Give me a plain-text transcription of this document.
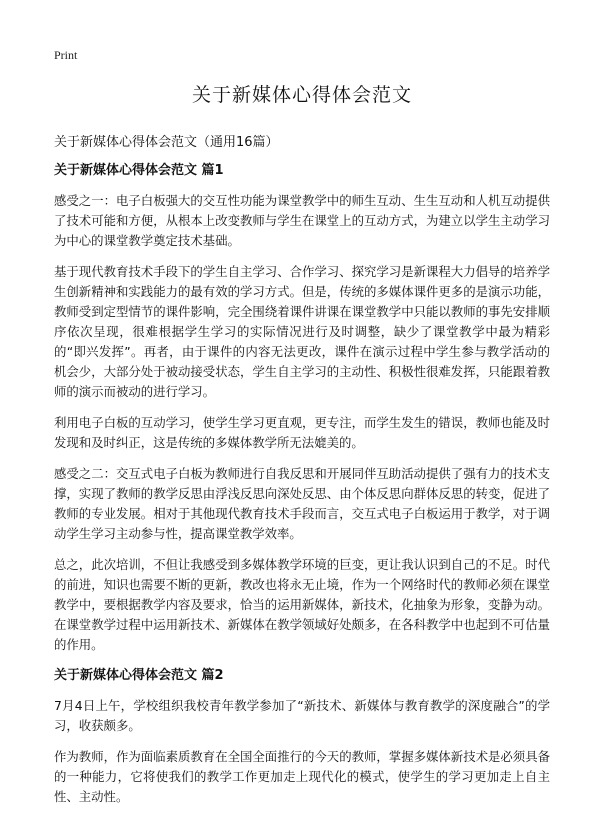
Print
关于新媒体心得体会范文
关于新媒体心得体会范文（通用16篇）
关于新媒体心得体会范文 篇1

感受之一：电子白板强大的交互性功能为课堂教学中的师生互动、生生互动和人机互动提供了技术可能和方便，从根本上改变教师与学生在课堂上的互动方式，为建立以学生主动学习为中心的课堂教学奠定技术基础。

基于现代教育技术手段下的学生自主学习、合作学习、探究学习是新课程大力倡导的培养学生创新精神和实践能力的最有效的学习方式。但是，传统的多媒体课件更多的是演示功能，教师受到定型情节的课件影响，完全围绕着课件讲课在课堂教学中只能以教师的事先安排顺序依次呈现，很难根据学生学习的实际情况进行及时调整，缺少了课堂教学中最为精彩的“即兴发挥”。再者，由于课件的内容无法更改，课件在演示过程中学生参与教学活动的机会少，大部分处于被动接受状态，学生自主学习的主动性、积极性很难发挥，只能跟着教师的演示而被动的进行学习。

利用电子白板的互动学习，使学生学习更直观，更专注，而学生发生的错误，教师也能及时发现和及时纠正，这是传统的多媒体教学所无法媲美的。

感受之二：交互式电子白板为教师进行自我反思和开展同伴互助活动提供了强有力的技术支撑，实现了教师的教学反思由浮浅反思向深处反思、由个体反思向群体反思的转变，促进了教师的专业发展。相对于其他现代教育技术手段而言，交互式电子白板运用于教学，对于调动学生学习主动参与性，提高课堂教学效率。

总之，此次培训，不但让我感受到多媒体教学环境的巨变，更让我认识到自己的不足。时代的前进，知识也需要不断的更新，教改也将永无止境，作为一个网络时代的教师必须在课堂教学中，要根据教学内容及要求，恰当的运用新媒体，新技术，化抽象为形象，变静为动。在课堂教学过程中运用新技术、新媒体在教学领域好处颇多，在各科教学中也起到不可估量的作用。

关于新媒体心得体会范文 篇2

7月4日上午，学校组织我校青年教学参加了“新技术、新媒体与教育教学的深度融合”的学习，收获颇多。

作为教师，作为面临素质教育在全国全面推行的今天的教师，掌握多媒体新技术是必须具备的一种能力，它将使我们的教学工作更加走上现代化的模式，使学生的学习更加走上自主性、主动性。
